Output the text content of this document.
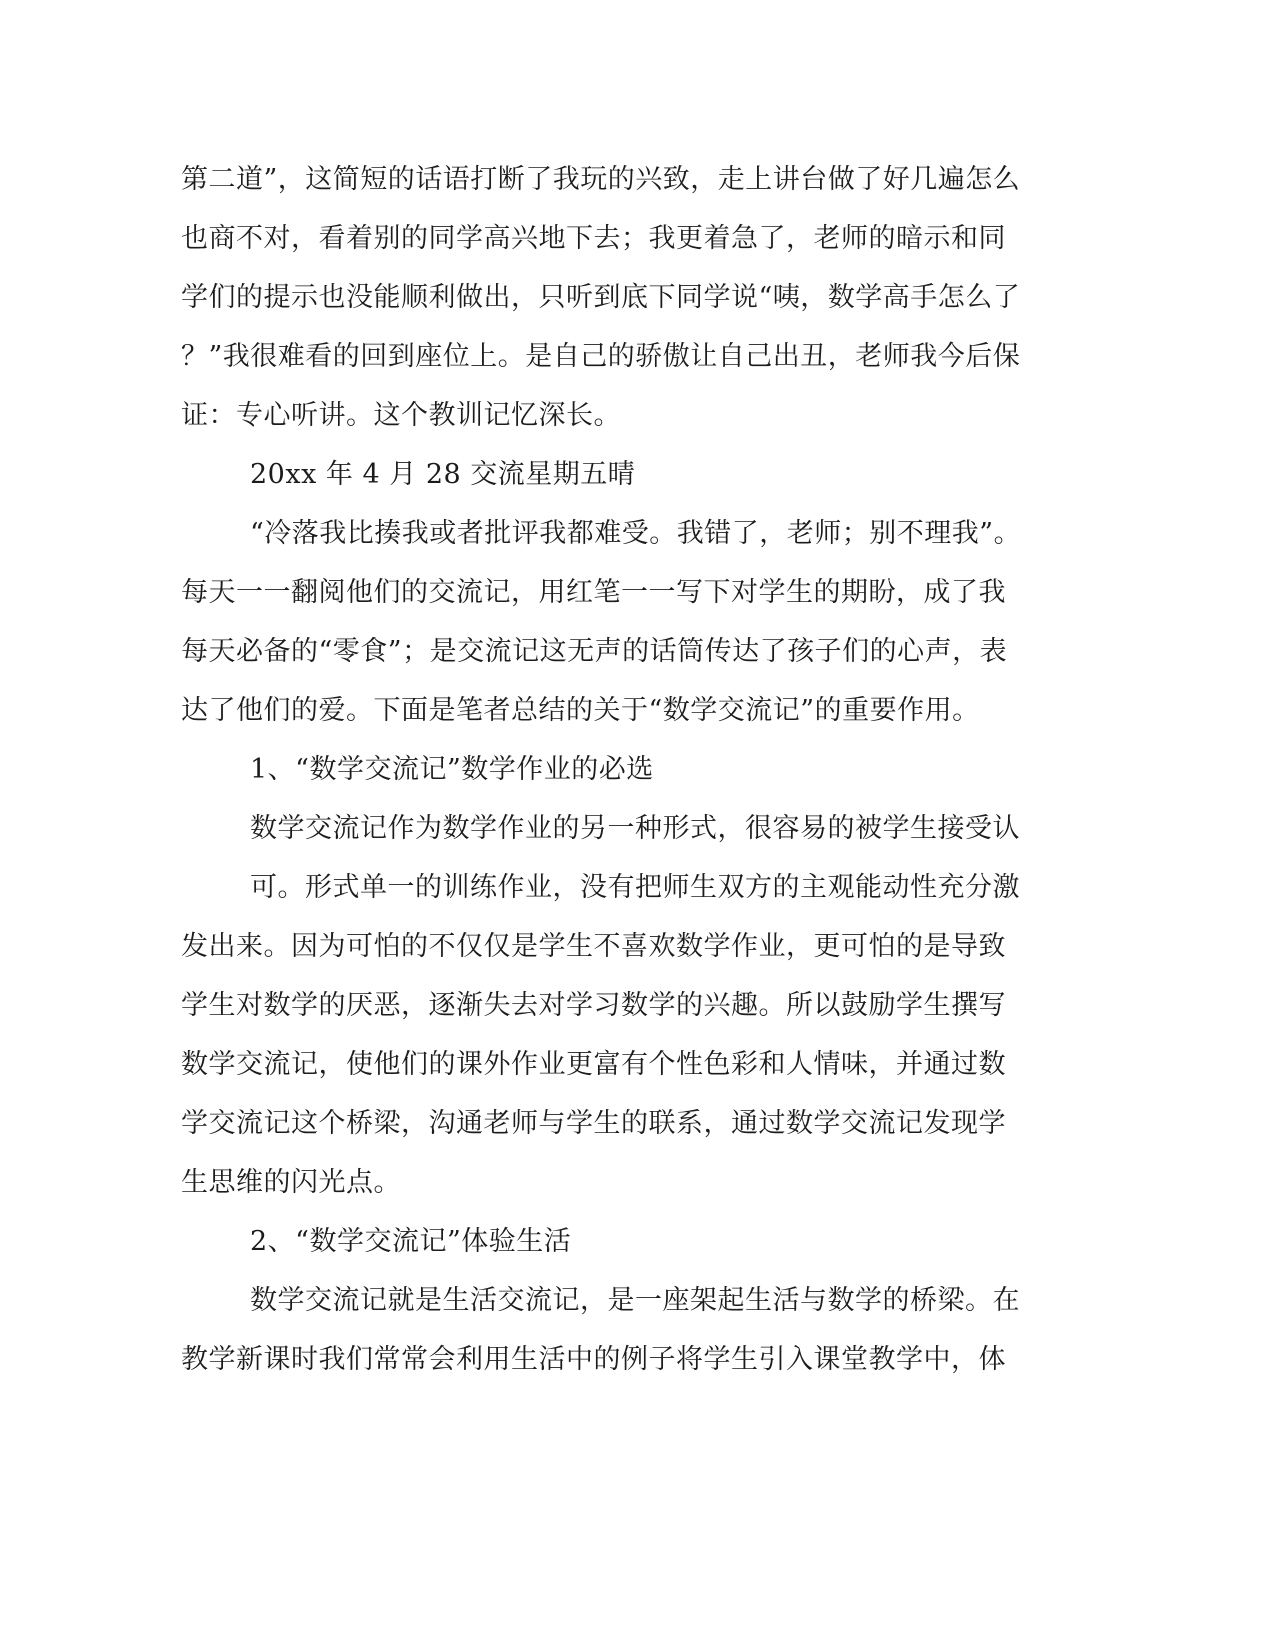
第二道”，这简短的话语打断了我玩的兴致，走上讲台做了好几遍怎么

也商不对，看着别的同学高兴地下去；我更着急了，老师的暗示和同

学们的提示也没能顺利做出，只听到底下同学说“咦，数学高手怎么了

？”我很难看的回到座位上。是自己的骄傲让自己出丑，老师我今后保

证：专心听讲。这个教训记忆深长。

20xx 年 4 月 28 交流星期五晴

“冷落我比揍我或者批评我都难受。我错了，老师；别不理我”。

每天一一翻阅他们的交流记，用红笔一一写下对学生的期盼，成了我

每天必备的“零食”；是交流记这无声的话筒传达了孩子们的心声，表

达了他们的爱。下面是笔者总结的关于“数学交流记”的重要作用。

1、“数学交流记”数学作业的必选

数学交流记作为数学作业的另一种形式，很容易的被学生接受认

可。形式单一的训练作业，没有把师生双方的主观能动性充分激

发出来。因为可怕的不仅仅是学生不喜欢数学作业，更可怕的是导致

学生对数学的厌恶，逐渐失去对学习数学的兴趣。所以鼓励学生撰写

数学交流记，使他们的课外作业更富有个性色彩和人情味，并通过数

学交流记这个桥梁，沟通老师与学生的联系，通过数学交流记发现学

生思维的闪光点。

2、“数学交流记”体验生活

数学交流记就是生活交流记，是一座架起生活与数学的桥梁。在

教学新课时我们常常会利用生活中的例子将学生引入课堂教学中，体
